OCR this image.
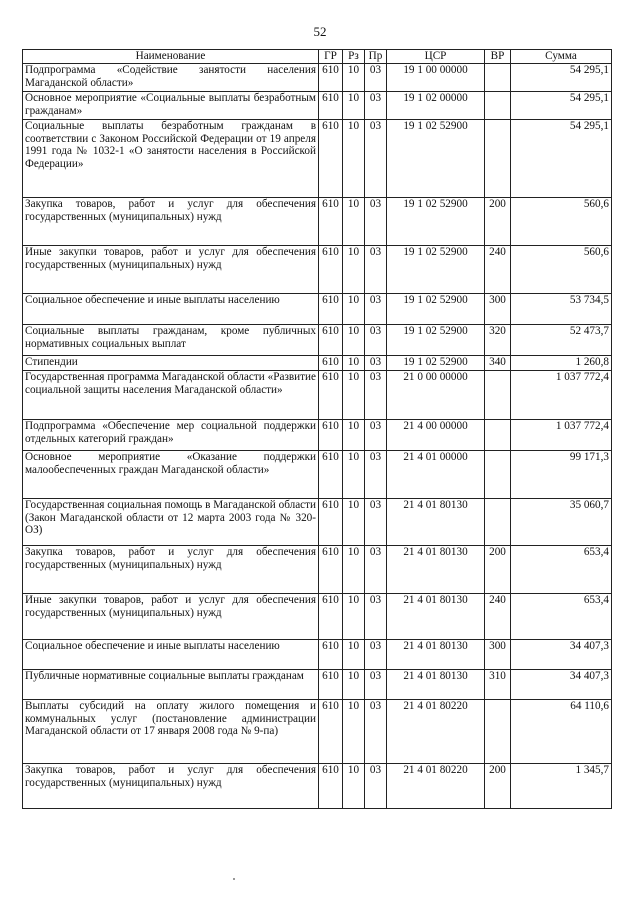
52
Наименование	ГР	Рз	Пр	ЦСР	ВР	Сумма
Подпрограмма «Содействие занятости населения Магаданской области»	610	10	03	19 1 00 00000		54 295,1
Основное мероприятие «Социальные выплаты безработным гражданам»	610	10	03	19 1 02 00000		54 295,1
Социальные выплаты безработным гражданам в соответствии с Законом Российской Федерации от 19 апреля 1991 года № 1032-1 «О занятости населения в Российской Федерации»	610	10	03	19 1 02 52900		54 295,1
Закупка товаров, работ и услуг для обеспечения государственных (муниципальных) нужд	610	10	03	19 1 02 52900	200	560,6
Иные закупки товаров, работ и услуг для обеспечения государственных (муниципальных) нужд	610	10	03	19 1 02 52900	240	560,6
Социальное обеспечение и иные выплаты населению	610	10	03	19 1 02 52900	300	53 734,5
Социальные выплаты гражданам, кроме публичных нормативных социальных выплат	610	10	03	19 1 02 52900	320	52 473,7
Стипендии	610	10	03	19 1 02 52900	340	1 260,8
Государственная программа Магаданской области «Развитие социальной защиты населения Магаданской области»	610	10	03	21 0 00 00000		1 037 772,4
Подпрограмма «Обеспечение мер социальной поддержки отдельных категорий граждан»	610	10	03	21 4 00 00000		1 037 772,4
Основное мероприятие «Оказание поддержки малообеспеченных граждан Магаданской области»	610	10	03	21 4 01 00000		99 171,3
Государственная социальная помощь в Магаданской области (Закон Магаданской области от 12 марта 2003 года № 320-ОЗ)	610	10	03	21 4 01 80130		35 060,7
Закупка товаров, работ и услуг для обеспечения государственных (муниципальных) нужд	610	10	03	21 4 01 80130	200	653,4
Иные закупки товаров, работ и услуг для обеспечения государственных (муниципальных) нужд	610	10	03	21 4 01 80130	240	653,4
Социальное обеспечение и иные выплаты населению	610	10	03	21 4 01 80130	300	34 407,3
Публичные нормативные социальные выплаты гражданам	610	10	03	21 4 01 80130	310	34 407,3
Выплаты субсидий на оплату жилого помещения и коммунальных услуг (постановление администрации Магаданской области от 17 января 2008 года № 9-па)	610	10	03	21 4 01 80220		64 110,6
Закупка товаров, работ и услуг для обеспечения государственных (муниципальных) нужд	610	10	03	21 4 01 80220	200	1 345,7
